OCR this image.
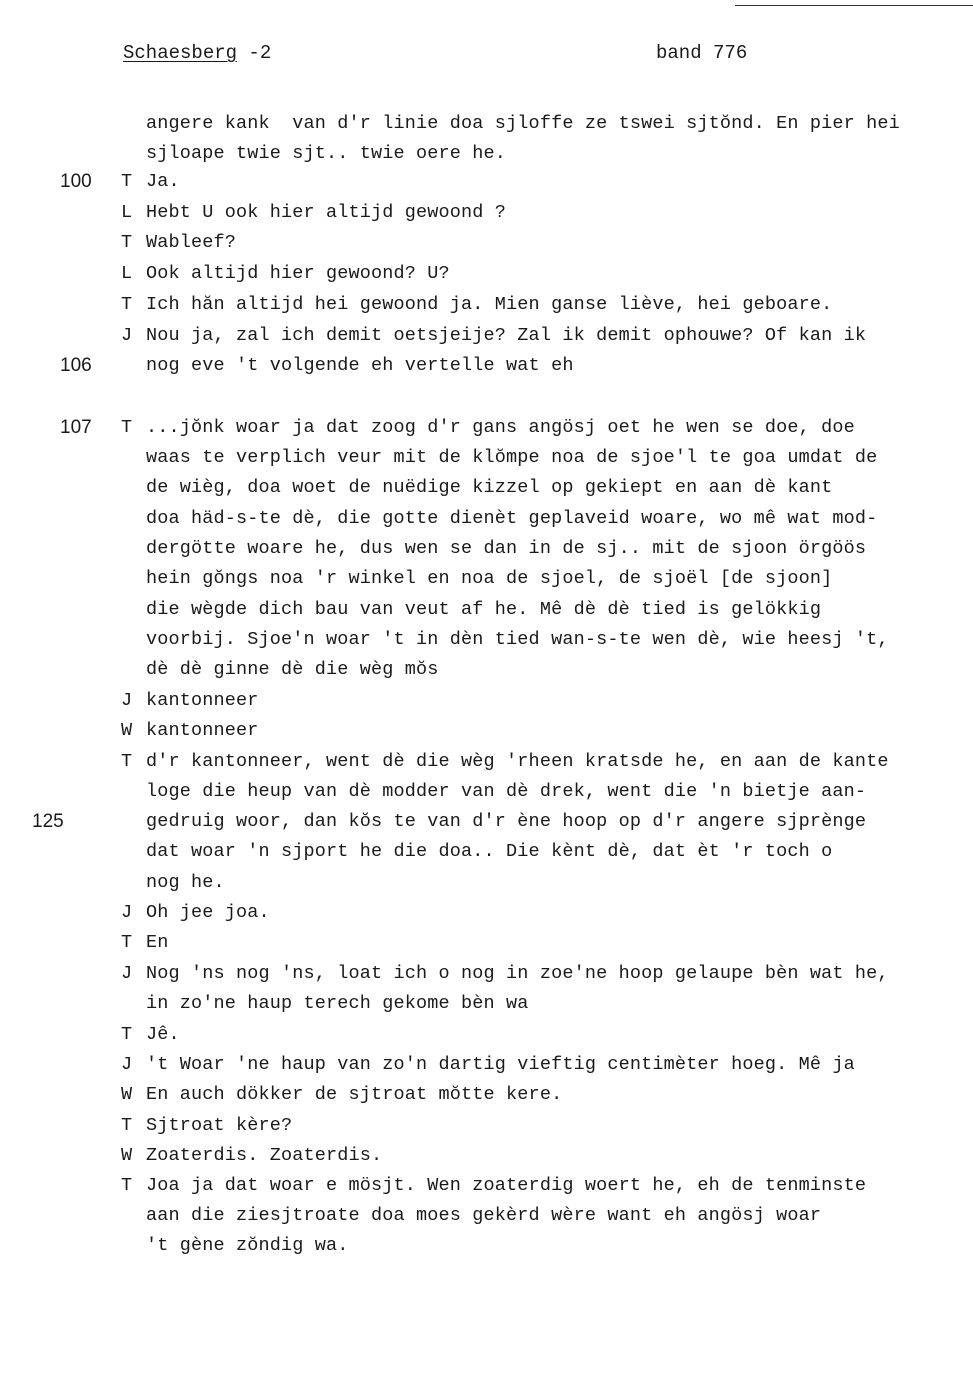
Schaesberg -2	band 776
angere kank  van d'r linie doa sjloffe ze tswei sjtŏnd. En pier hei
sjloape twie sjt.. twie oere he.
100 T Ja.
L Hebt U ook hier altijd gewoond ?
T Wableef?
L Ook altijd hier gewoond? U?
T Ich hăn altijd hei gewoond ja. Mien ganse liève, hei geboare.
J Nou ja, zal ich demit oetsjeije? Zal ik demit ophouwe? Of kan ik
106	nog eve 't volgende eh vertelle wat eh
107 T ...jŏnk woar ja dat zoog d'r gans angösj oet he wen se doe, doe
waas te verplich veur mit de klŏmpe noa de sjoe'l te goa umdat de
de wièg, doa woet de nuëdige kizzel op gekiept en aan dè kant
doa häd-s-te dè, die gotte dienèt geplaveid woare, wo mê wat mod-
dergötte woare he, dus wen se dan in de sj.. mit de sjoon örgöös
hein gŏngs noa 'r winkel en noa de sjoel, de sjoël [de sjoon]
die wègde dich bau van veut af he. Mê dè dè tied is gelökkig
voorbij. Sjoe'n woar 't in dèn tied wan-s-te wen dè, wie heesj 't,
dè dè ginne dè die wèg mŏs
J kantonneer
W kantonneer
T d'r kantonneer, went dè die wèg 'rheen kratsde he, en aan de kante
loge die heup van dè modder van dè drek, went die 'n bietje aan-
125	gedruig woor, dan kŏs te van d'r ène hoop op d'r angere sjprènge
dat woar 'n sjport he die doa.. Die kènt dè, dat èt 'r toch o
nog he.
J Oh jee joa.
T En
J Nog 'ns nog 'ns, loat ich o nog in zoe'ne hoop gelaupe bèn wat he,
in zo'ne haup terech gekome bèn wa
T Jê.
J 't Woar 'ne haup van zo'n dartig vieftig centimèter hoeg. Mê ja
W En auch dökker de sjtroat mŏtte kere.
T Sjtroat kère?
W Zoaterdis. Zoaterdis.
T Joa ja dat woar e mösjt. Wen zoaterdig woert he, eh de tenminste
aan die ziesjtroate doa moes gekèrd wère want eh angösj woar
't gène zŏndig wa.
